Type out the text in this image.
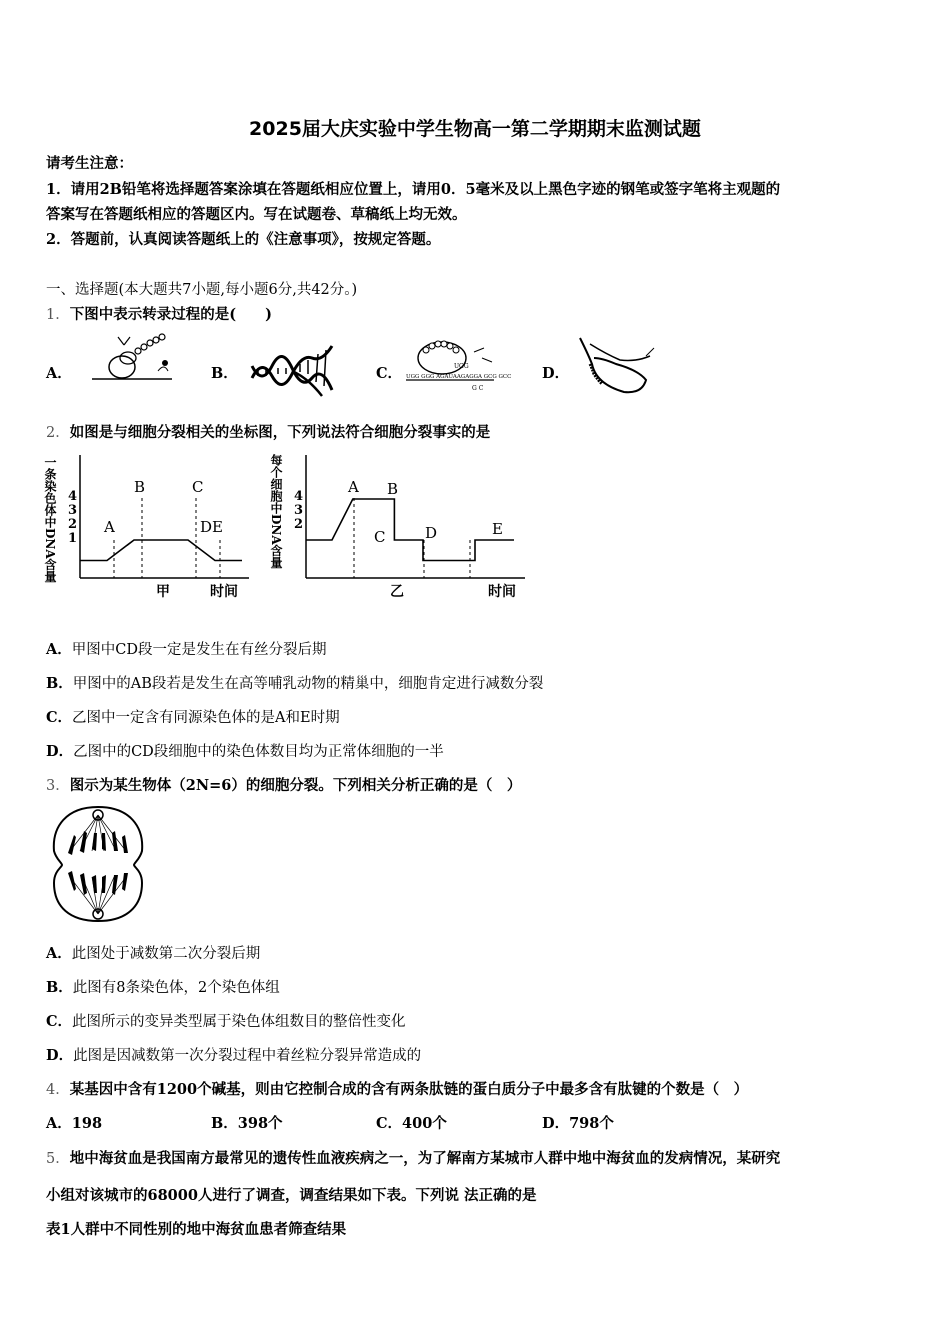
2025届大庆实验中学生物高一第二学期期末监测试题
请考生注意：
1．请用2B铅笔将选择题答案涂填在答题纸相应位置上，请用0．5毫米及以上黑色字迹的钢笔或签字笔将主观题的
答案写在答题纸相应的答题区内。写在试题卷、草稿纸上均无效。
2．答题前，认真阅读答题纸上的《注意事项》，按规定答题。
一、选择题(本大题共7小题,每小题6分,共42分。)
1．下图中表示转录过程的是(　　)
A．	B．	C．	D．
UGG
UGG GGG AGAUAAGAGGA GCG GCC
G C
2．如图是与细胞分裂相关的坐标图，下列说法符合细胞分裂事实的是
一条染色体中DNA含量 4
3
2
1
A
B	C
DE
甲	时间
每个细胞中DNA含量 4
3
2
A B
C	D	E
乙	时间
A．甲图中CD段一定是发生在有丝分裂后期
B．甲图中的AB段若是发生在高等哺乳动物的精巢中，细胞肯定进行减数分裂
C．乙图中一定含有同源染色体的是A和E时期
D．乙图中的CD段细胞中的染色体数目均为正常体细胞的一半
3．图示为某生物体（2N=6）的细胞分裂。下列相关分析正确的是（　）
A．此图处于减数第二次分裂后期
B．此图有8条染色体，2个染色体组
C．此图所示的变异类型属于染色体组数目的整倍性变化
D．此图是因减数第一次分裂过程中着丝粒分裂异常造成的
4．某基因中含有1200个碱基，则由它控制合成的含有两条肽链的蛋白质分子中最多含有肽键的个数是（　）
A．198	B．398个	C．400个	D．798个
5．地中海贫血是我国南方最常见的遗传性血液疾病之一，为了解南方某城市人群中地中海贫血的发病情况，某研究
小组对该城市的68000人进行了调查，调查结果如下表。下列说 法正确的是
表1人群中不同性别的地中海贫血患者筛查结果
